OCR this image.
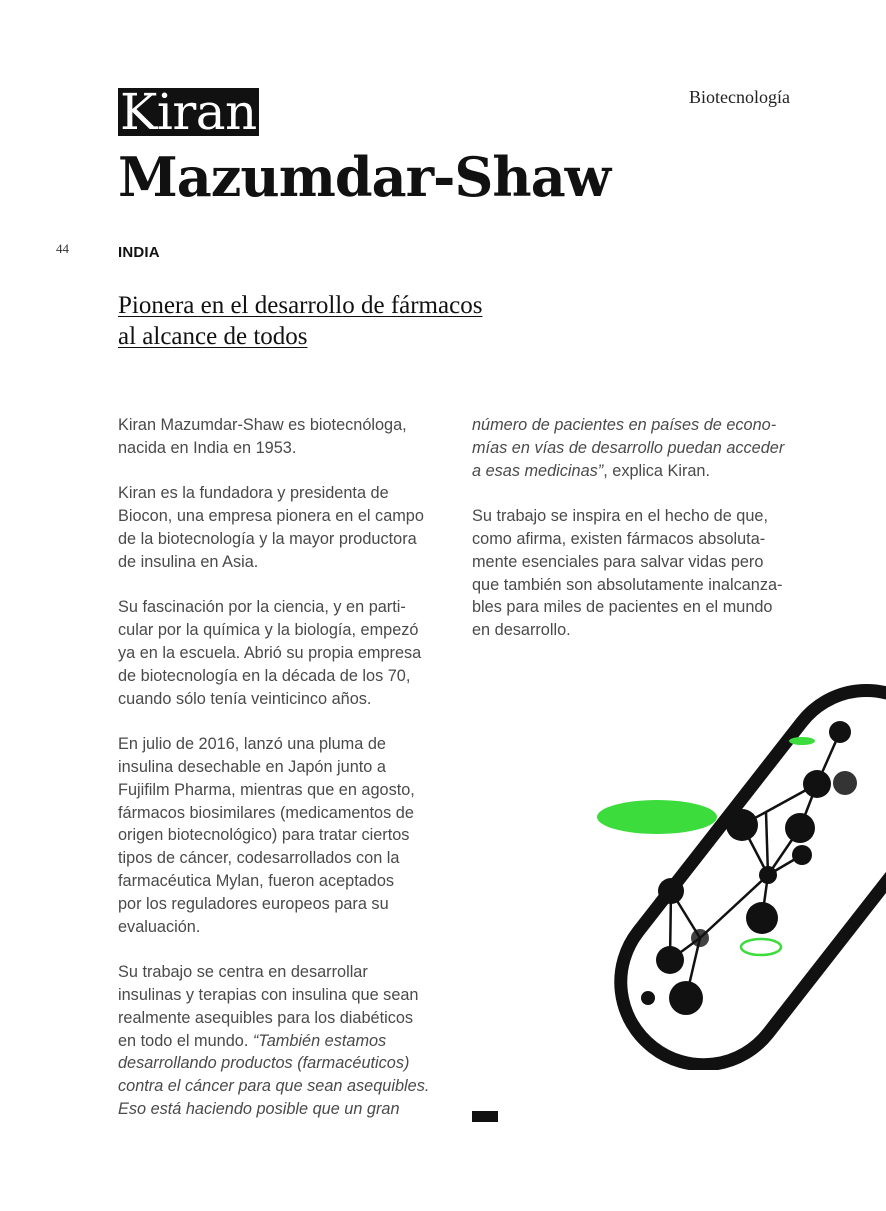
Biotecnología
Kiran
Mazumdar-Shaw
44	INDIA
Pionera en el desarrollo de fármacos
al alcance de todos
Kiran Mazumdar-Shaw es biotecnóloga,
nacida en India en 1953.
Kiran es la fundadora y presidenta de
Biocon, una empresa pionera en el campo
de la biotecnología y la mayor productora
de insulina en Asia.
Su fascinación por la ciencia, y en parti-
cular por la química y la biología, empezó
ya en la escuela. Abrió su propia empresa
de biotecnología en la década de los 70,
cuando sólo tenía veinticinco años.
En julio de 2016, lanzó una pluma de
insulina desechable en Japón junto a
Fujifilm Pharma, mientras que en agosto,
fármacos biosimilares (medicamentos de
origen biotecnológico) para tratar ciertos
tipos de cáncer, codesarrollados con la
farmacéutica Mylan, fueron aceptados
por los reguladores europeos para su
evaluación.
Su trabajo se centra en desarrollar
insulinas y terapias con insulina que sean
realmente asequibles para los diabéticos
en todo el mundo. “También estamos
desarrollando productos (farmacéuticos)
contra el cáncer para que sean asequibles.
Eso está haciendo posible que un gran
número de pacientes en países de econo-
mías en vías de desarrollo puedan acceder
a esas medicinas”, explica Kiran.
Su trabajo se inspira en el hecho de que,
como afirma, existen fármacos absoluta-
mente esenciales para salvar vidas pero
que también son absolutamente inalcanza-
bles para miles de pacientes en el mundo
en desarrollo.
